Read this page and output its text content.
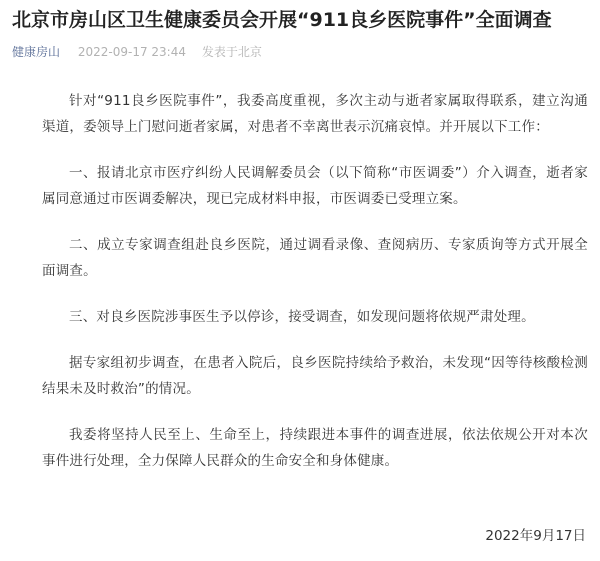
北京市房山区卫生健康委员会开展“911良乡医院事件”全面调查
健康房山 2022-09-17 23:44 发表于北京

针对“911良乡医院事件”，我委高度重视，多次主动与逝者家属取得联系，建立沟通渠道，委领导上门慰问逝者家属，对患者不幸离世表示沉痛哀悼。并开展以下工作：

一、报请北京市医疗纠纷人民调解委员会（以下简称“市医调委”）介入调查，逝者家属同意通过市医调委解决，现已完成材料申报，市医调委已受理立案。

二、成立专家调查组赴良乡医院，通过调看录像、查阅病历、专家质询等方式开展全面调查。

三、对良乡医院涉事医生予以停诊，接受调查，如发现问题将依规严肃处理。

据专家组初步调查，在患者入院后，良乡医院持续给予救治，未发现“因等待核酸检测结果未及时救治”的情况。

我委将坚持人民至上、生命至上，持续跟进本事件的调查进展，依法依规公开对本次事件进行处理，全力保障人民群众的生命安全和身体健康。

2022年9月17日
